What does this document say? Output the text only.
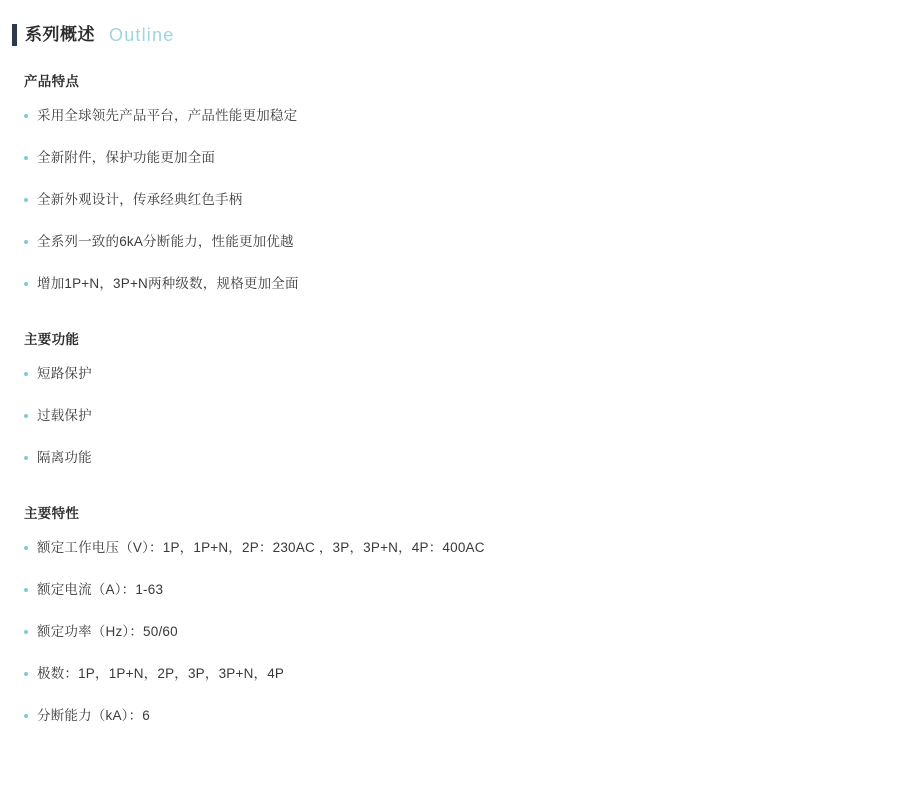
系列概述 Outline
产品特点
采用全球领先产品平台，产品性能更加稳定
全新附件，保护功能更加全面
全新外观设计，传承经典红色手柄
全系列一致的6kA分断能力，性能更加优越
增加1P+N，3P+N两种级数，规格更加全面
主要功能
短路保护
过载保护
隔离功能
主要特性
额定工作电压（V）：1P，1P+N，2P：230AC ，3P，3P+N，4P：400AC
额定电流（A）：1-63
额定功率（Hz）：50/60
极数：1P，1P+N，2P，3P，3P+N，4P
分断能力（kA）：6
